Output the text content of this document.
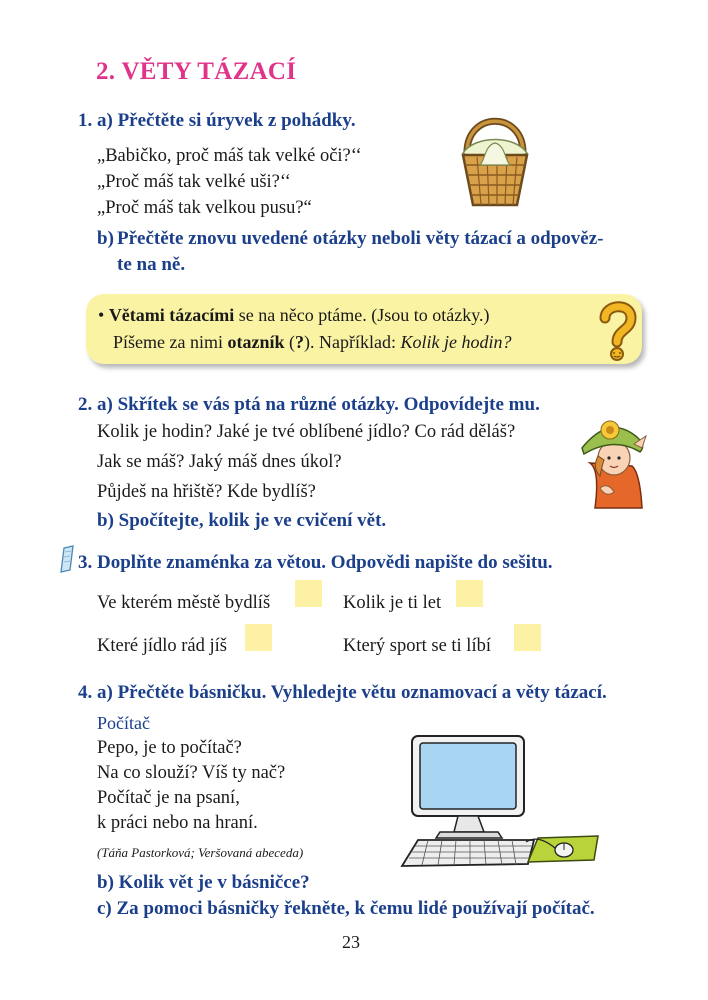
2. VĚTY TÁZACÍ
1. a) Přečtěte si úryvek z pohádky.
„Babičko, proč máš tak velké oči?‘‘
„Proč máš tak velké uši?‘‘
„Proč máš tak velkou pusu?“
b) Přečtěte znovu uvedené otázky neboli věty tázací a odpověz-
te na ně.
• Větami tázacími se na něco ptáme. (Jsou to otázky.)
Píšeme za nimi otazník (?). Například: Kolik je hodin?
2. a) Skřítek se vás ptá na různé otázky. Odpovídejte mu.
Kolik je hodin? Jaké je tvé oblíbené jídlo? Co rád děláš?
Jak se máš? Jaký máš dnes úkol?
Půjdeš na hřiště? Kde bydlíš?
b) Spočítejte, kolik je ve cvičení vět.
3. Doplňte znaménka za větou. Odpovědi napište do sešitu.
Ve kterém městě bydlíš	Kolik je ti let
Které jídlo rád jíš	Který sport se ti líbí
4. a) Přečtěte básničku. Vyhledejte větu oznamovací a věty tázací.
Počítač
Pepo, je to počítač?
Na co slouží? Víš ty nač?
Počítač je na psaní,
k práci nebo na hraní.
(Táňa Pastorková; Veršovaná abeceda)
b) Kolik vět je v básničce?
c) Za pomoci básničky řekněte, k čemu lidé používají počítač.
23
